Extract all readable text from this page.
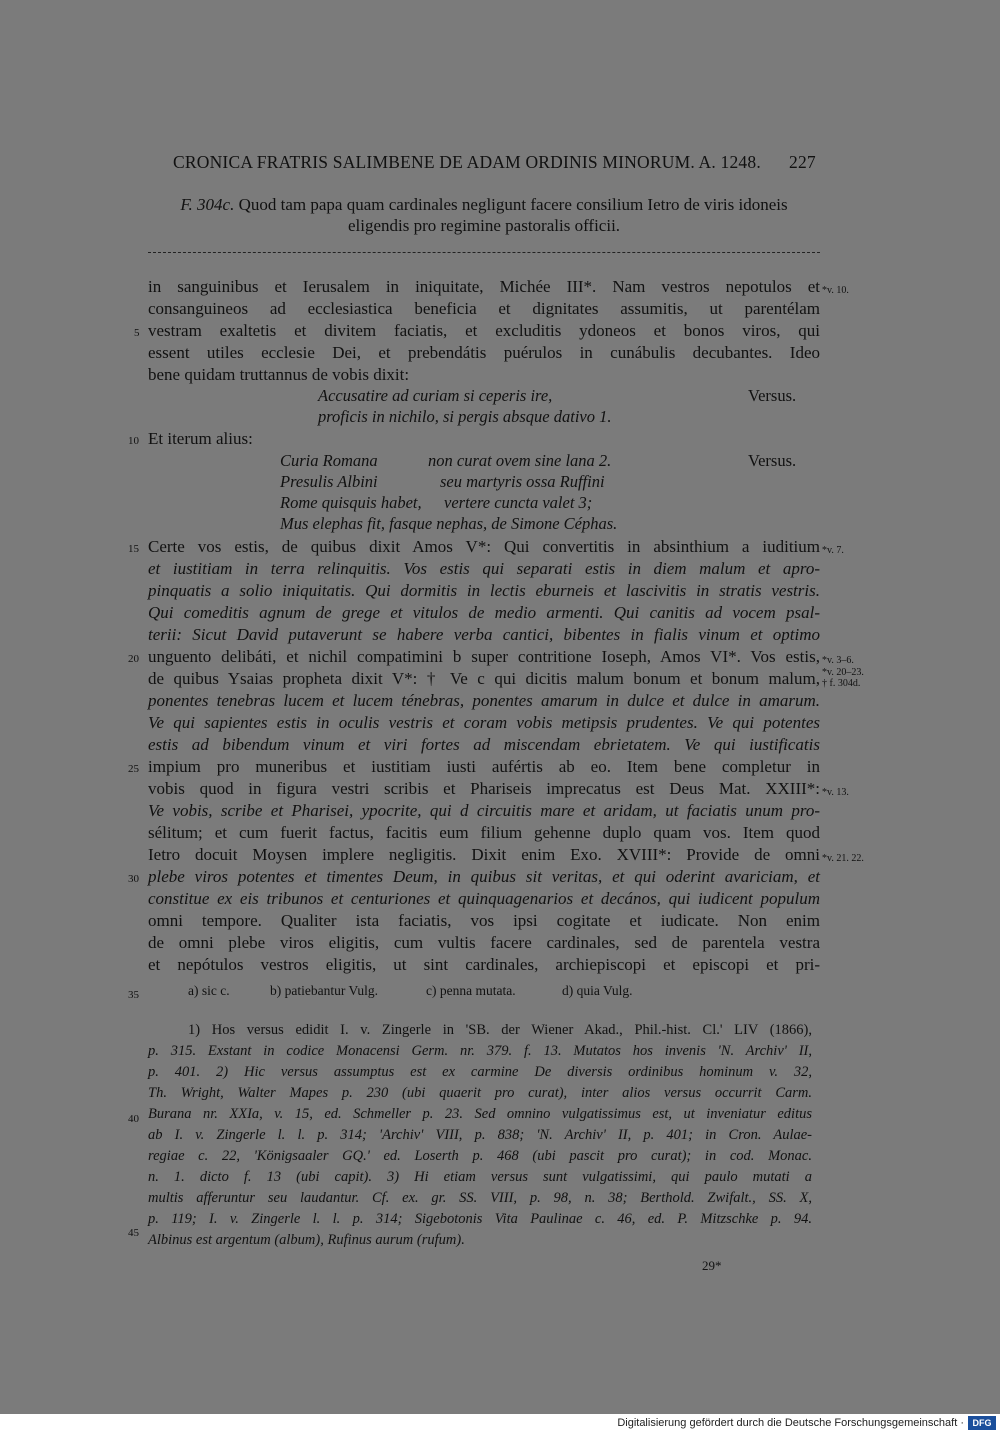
CRONICA FRATRIS SALIMBENE DE ADAM ORDINIS MINORUM. A. 1248. 227
F. 304c. Quod tam papa quam cardinales negligunt facere consilium Ietro de viris idoneis eligendis pro regimine pastoralis officii.
in sanguinibus et Ierusalem in iniquitate, Michée III*. Nam vestros nepotulos et
consanguineos ad ecclesiastica beneficia et dignitates assumitis, ut parentélam
vestram exaltetis et divitem faciatis, et excluditis ydoneos et bonos viros, qui
essent utiles ecclesie Dei, et prebendátis puérulos in cunábulis decubantes. Ideo
bene quidam truttannus de vobis dixit:
Accusatire ad curiam si ceperis ire,	Versus.
proficis in nichilo, si pergis absque dativo 1.
Et iterum alius:
Curia Romana	non curat ovem sine lana 2.	Versus.
Presulis Albini	seu martyris ossa Ruffini
Rome quisquis habet, vertere cuncta valet 3;
Mus elephas fit, fasque nephas, de Simone Céphas.
Certe vos estis, de quibus dixit Amos V*: Qui convertitis in absinthium a iuditium
et iustitiam in terra relinquitis. Vos estis qui separati estis in diem malum et apro-
pinquatis a solio iniquitatis. Qui dormitis in lectis eburneis et lascivitis in stratis vestris.
Qui comeditis agnum de grege et vitulos de medio armenti. Qui canitis ad vocem psal-
terii: Sicut David putaverunt se habere verba cantici, bibentes in fialis vinum et optimo
unguento delibáti, et nichil compatimini b super contritione Ioseph, Amos VI*. Vos estis,
de quibus Ysaias propheta dixit V*: † Ve c qui dicitis malum bonum et bonum malum,
ponentes tenebras lucem et lucem ténebras, ponentes amarum in dulce et dulce in amarum.
Ve qui sapientes estis in oculis vestris et coram vobis metipsis prudentes. Ve qui potentes
estis ad bibendum vinum et viri fortes ad miscendam ebrietatem. Ve qui iustificatis
impium pro muneribus et iustitiam iusti aufértis ab eo. Item bene completur in
vobis quod in figura vestri scribis et Phariseis imprecatus est Deus Mat. XXIII*:
Ve vobis, scribe et Pharisei, ypocrite, qui d circuitis mare et aridam, ut faciatis unum pro-
sélitum; et cum fuerit factus, facitis eum filium gehenne duplo quam vos. Item quod
Ietro docuit Moysen implere negligitis. Dixit enim Exo. XVIII*: Provide de omni
plebe viros potentes et timentes Deum, in quibus sit veritas, et qui oderint avariciam, et
constitue ex eis tribunos et centuriones et quinquagenarios et decános, qui iudicent populum
omni tempore. Qualiter ista faciatis, vos ipsi cogitate et iudicate. Non enim
de omni plebe viros eligitis, cum vultis facere cardinales, sed de parentela vestra
et nepótulos vestros eligitis, ut sint cardinales, archiepiscopi et episcopi et pri-
5
10
15
20
25
30
35
40
45
*v. 10.
*v. 7.
*v. 3–6.
*v. 20–23.
† f. 304d.
*v. 13.
*v. 21. 22.
a) sic c.	b) patiebantur Vulg.	c) penna mutata.	d) quia Vulg.
1) Hos versus edidit I. v. Zingerle in 'SB. der Wiener Akad., Phil.-hist. Cl.' LIV (1866),
p. 315. Exstant in codice Monacensi Germ. nr. 379. f. 13. Mutatos hos invenis 'N. Archiv' II,
p. 401. 2) Hic versus assumptus est ex carmine De diversis ordinibus hominum v. 32,
Th. Wright, Walter Mapes p. 230 (ubi quaerit pro curat), inter alios versus occurrit Carm.
Burana nr. XXIa, v. 15, ed. Schmeller p. 23. Sed omnino vulgatissimus est, ut inveniatur editus
ab I. v. Zingerle l. l. p. 314; 'Archiv' VIII, p. 838; 'N. Archiv' II, p. 401; in Cron. Aulae-
regiae c. 22, 'Königsaaler GQ.' ed. Loserth p. 468 (ubi pascit pro curat); in cod. Monac.
n. 1. dicto f. 13 (ubi capit). 3) Hi etiam versus sunt vulgatissimi, qui paulo mutati a
multis afferuntur seu laudantur. Cf. ex. gr. SS. VIII, p. 98, n. 38; Berthold. Zwifalt., SS. X,
p. 119; I. v. Zingerle l. l. p. 314; Sigebotonis Vita Paulinae c. 46, ed. P. Mitzschke p. 94.
Albinus est argentum (album), Rufinus aurum (rufum).
29*
Digitalisierung gefördert durch die Deutsche Forschungsgemeinschaft · DFG
